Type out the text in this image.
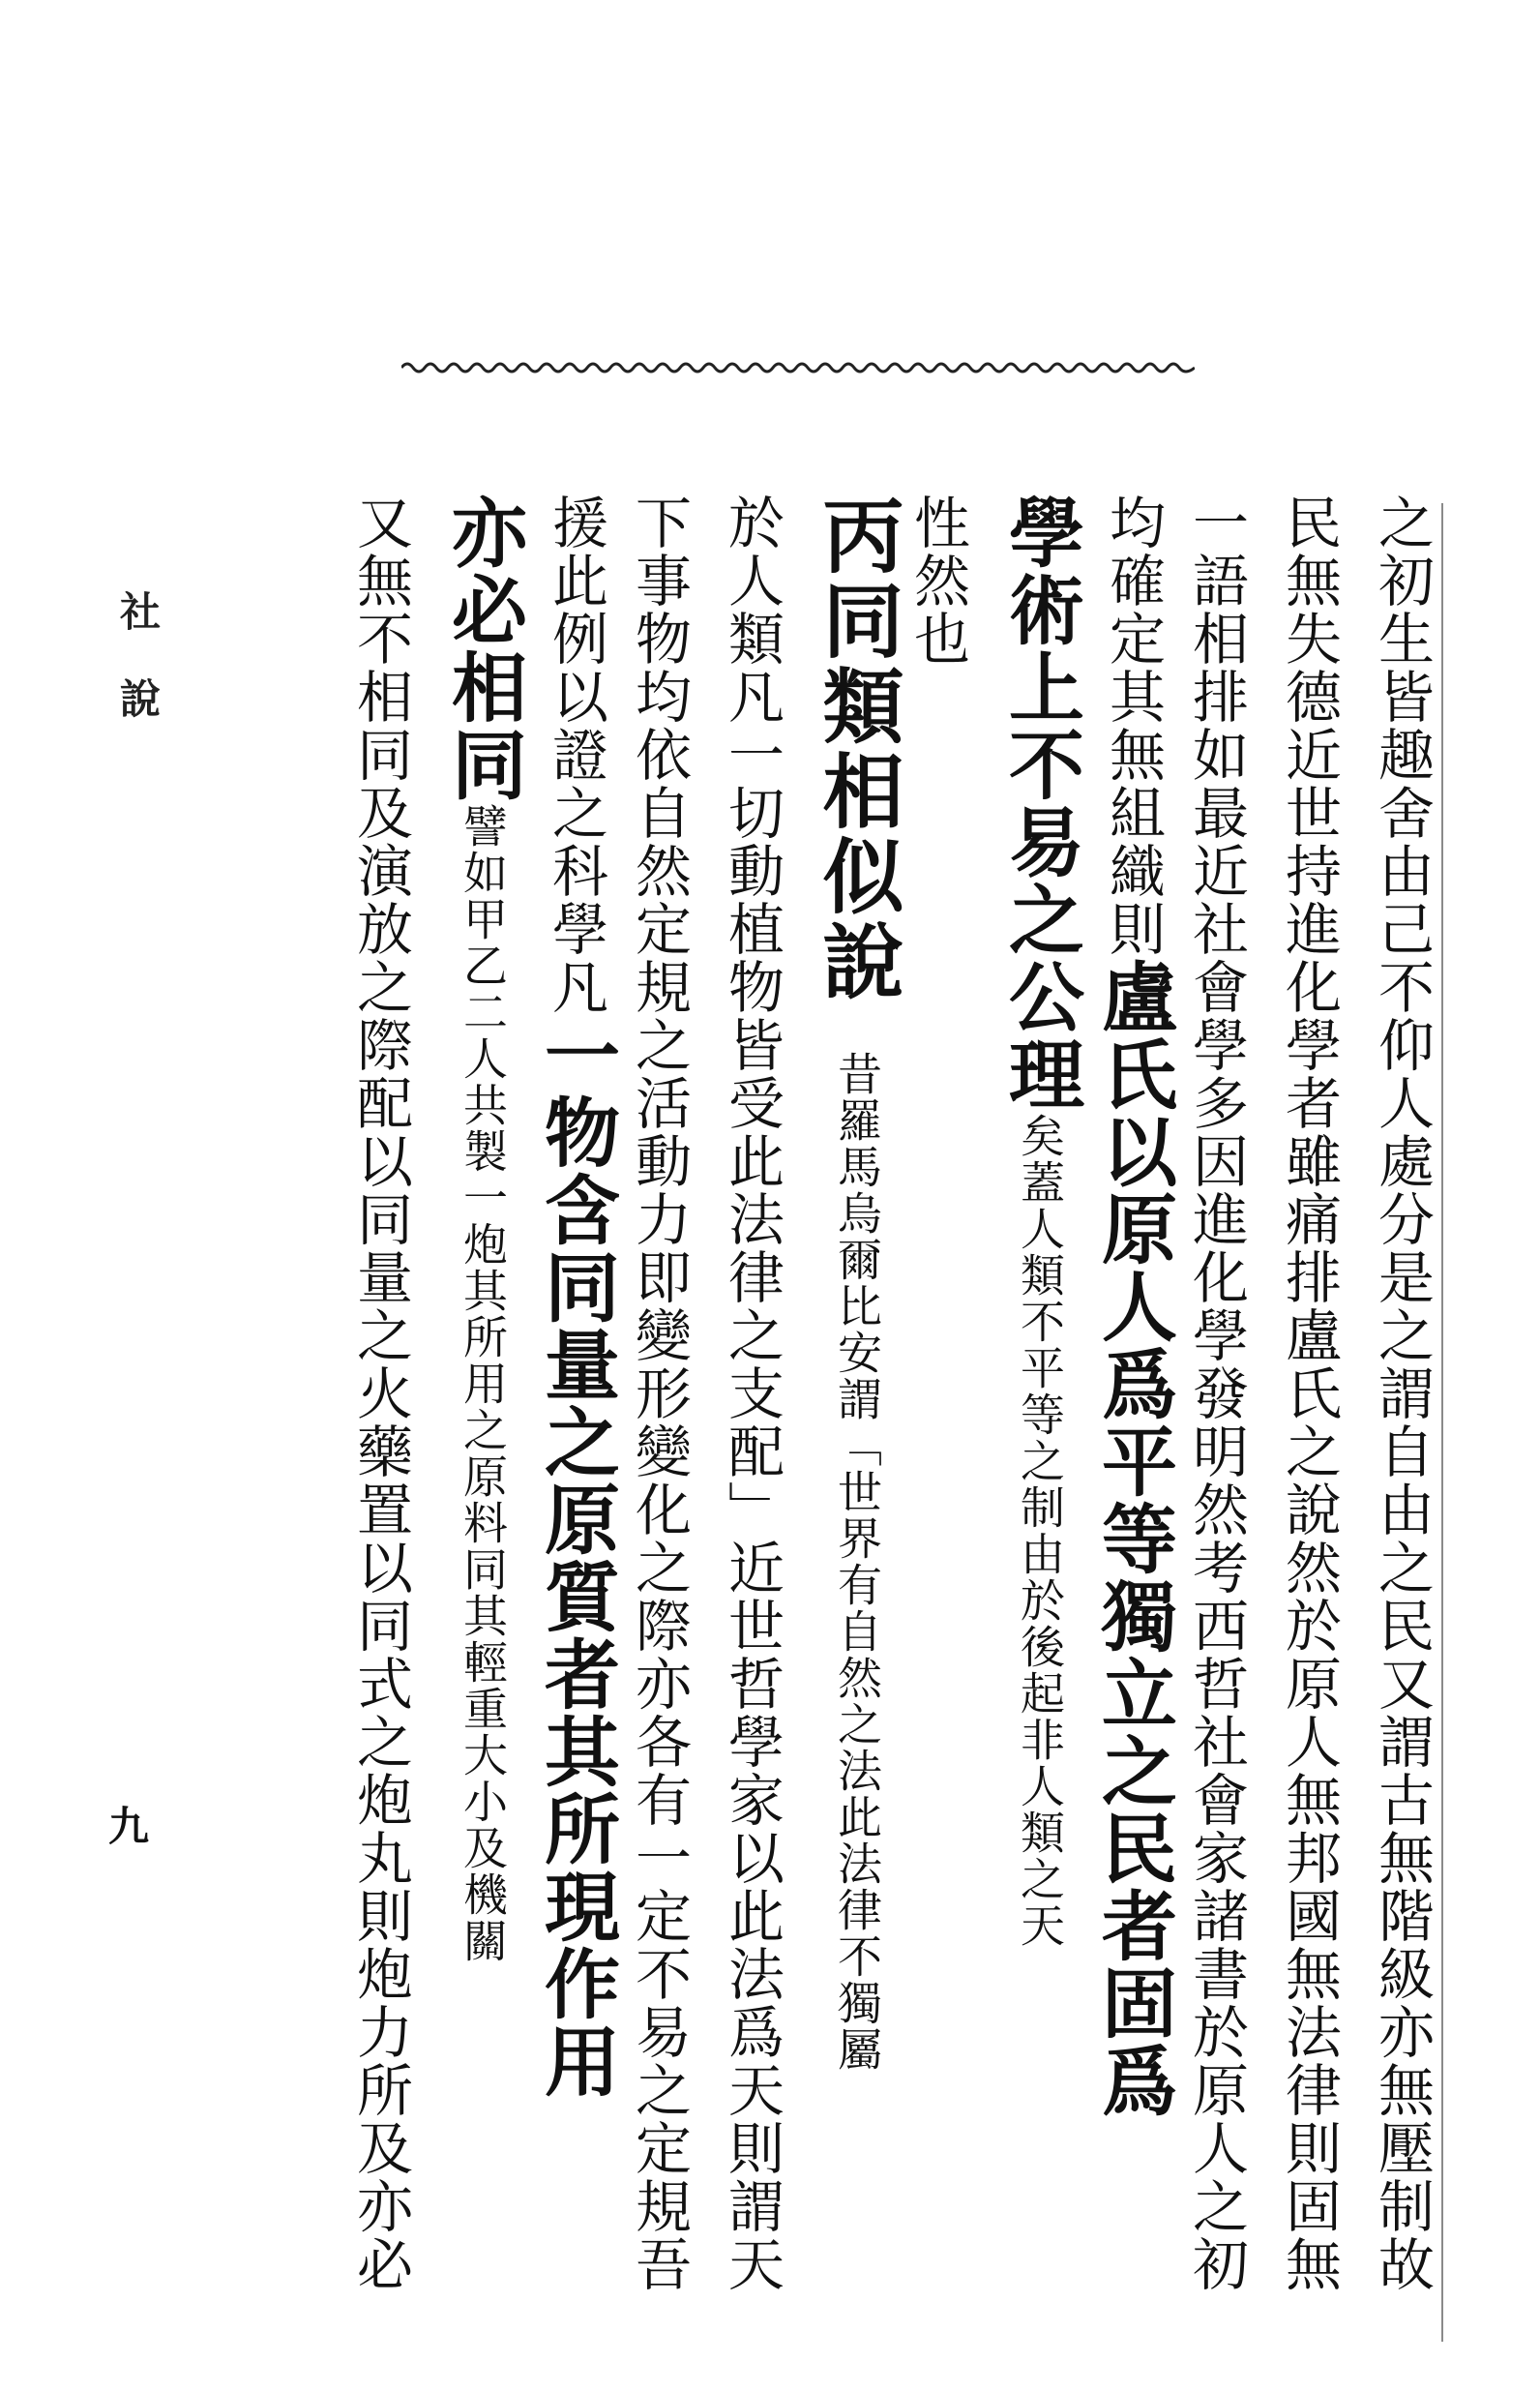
之初生皆趣舍由己不仰人處分是之謂自由之民又謂古無階級亦無壓制故
民無失德近世持進化學者雖痛排盧氏之說然於原人無邦國無法律則固無
一語相排如最近社會學多因進化學發明然考西哲社會家諸書於原人之初
均確定其無組織則盧氏以原人爲平等獨立之民者固爲
學術上不易之公理矣蓋人類不平等之制由於後起非人類之天
性然也
丙同類相似說　昔羅馬烏爾比安謂「世界有自然之法此法律不獨屬
於人類凡一切動植物皆受此法律之支配」近世哲學家以此法爲天則謂天
下事物均依自然定規之活動力即變形變化之際亦各有一定不易之定規吾
援此例以證之科學凡一物含同量之原質者其所現作用
亦必相同譬如甲乙二人共製一炮其所用之原料同其輕重大小及機關
又無不相同及演放之際配以同量之火藥置以同式之炮丸則炮力所及亦必
社說
九
